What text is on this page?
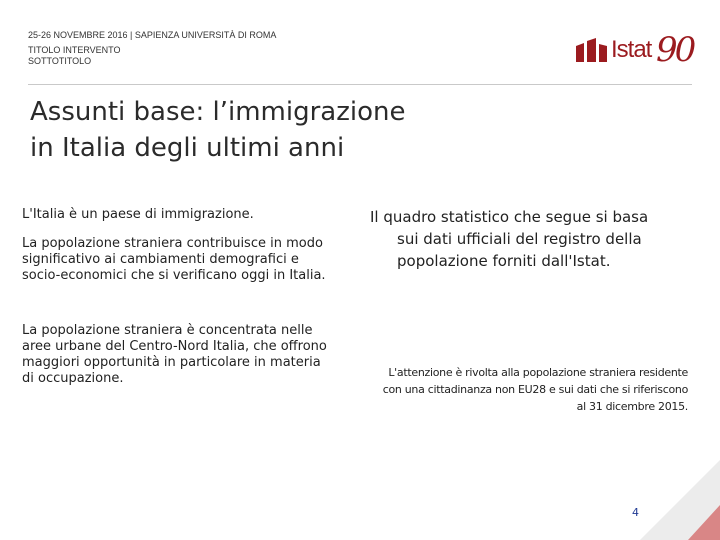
25-26 NOVEMBRE 2016 | SAPIENZA UNIVERSITÀ DI ROMA
TITOLO INTERVENTO
SOTTOTITOLO	Istat 90
Assunti base: l’immigrazione
in Italia degli ultimi anni

L'Italia è un paese di immigrazione.

La popolazione straniera contribuisce in modo significativo ai cambiamenti demografici e socio-economici che si verificano oggi in Italia.

La popolazione straniera è concentrata nelle aree urbane del Centro-Nord Italia, che offrono maggiori opportunità in particolare in materia di occupazione.

Il quadro statistico che segue si basa
sui dati ufficiali del registro della popolazione forniti dall'Istat.

L'attenzione è rivolta alla popolazione straniera residente con una cittadinanza non EU28 e sui dati che si riferiscono al 31 dicembre 2015.

4
